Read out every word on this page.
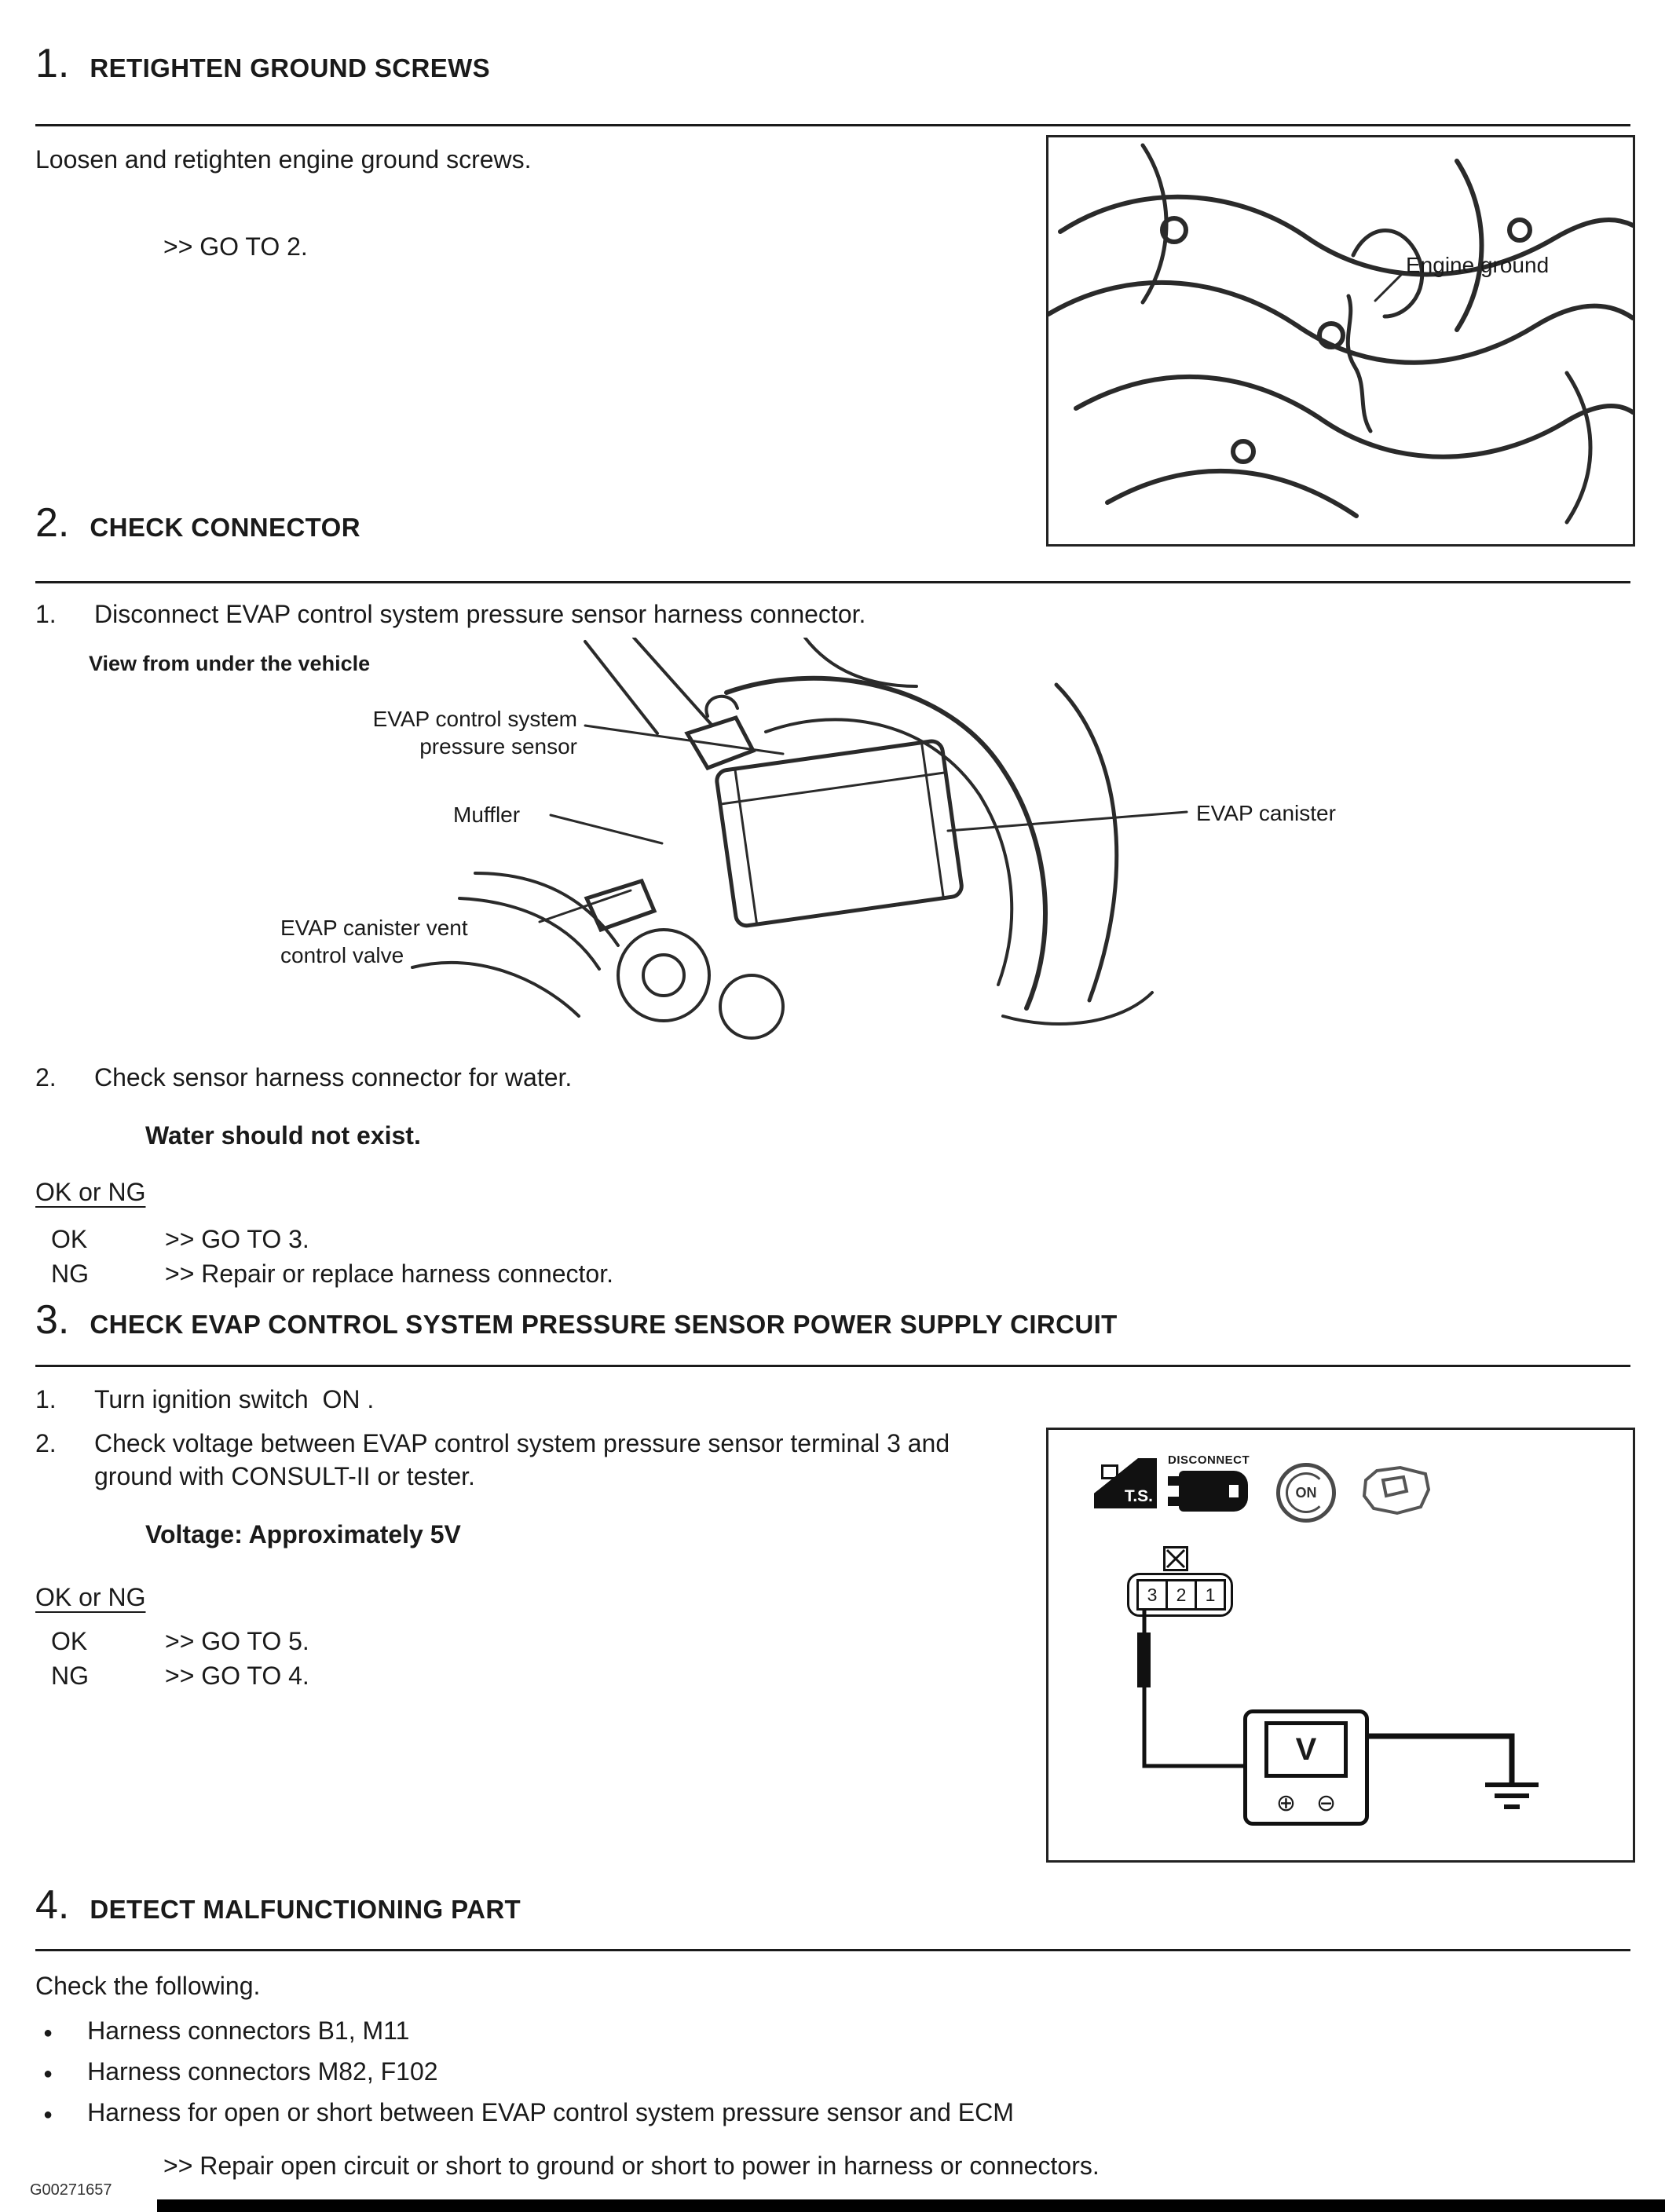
1. RETIGHTEN GROUND SCREWS
Loosen and retighten engine ground screws.
>> GO TO 2.
Engine ground
2. CHECK CONNECTOR
1.	Disconnect EVAP control system pressure sensor harness connector.
View from under the vehicle
EVAP control system
pressure sensor
Muffler	EVAP canister
EVAP canister vent
control valve
2.	Check sensor harness connector for water.
Water should not exist.
OK or NG
OK	>> GO TO 3.
NG	>> Repair or replace harness connector.
3. CHECK EVAP CONTROL SYSTEM PRESSURE SENSOR POWER SUPPLY CIRCUIT
1.	Turn ignition switch  ON .
2.	Check voltage between EVAP control system pressure sensor terminal 3 and ground with CONSULT-II or tester.
Voltage: Approximately 5V
OK or NG
OK	>> GO TO 5.
NG	>> GO TO 4.
T.S.
DISCONNECT
ON
3	2	1
V
⊕ ⊖
4. DETECT MALFUNCTIONING PART
Check the following.
● Harness connectors B1, M11
● Harness connectors M82, F102
● Harness for open or short between EVAP control system pressure sensor and ECM
>> Repair open circuit or short to ground or short to power in harness or connectors.
G00271657
